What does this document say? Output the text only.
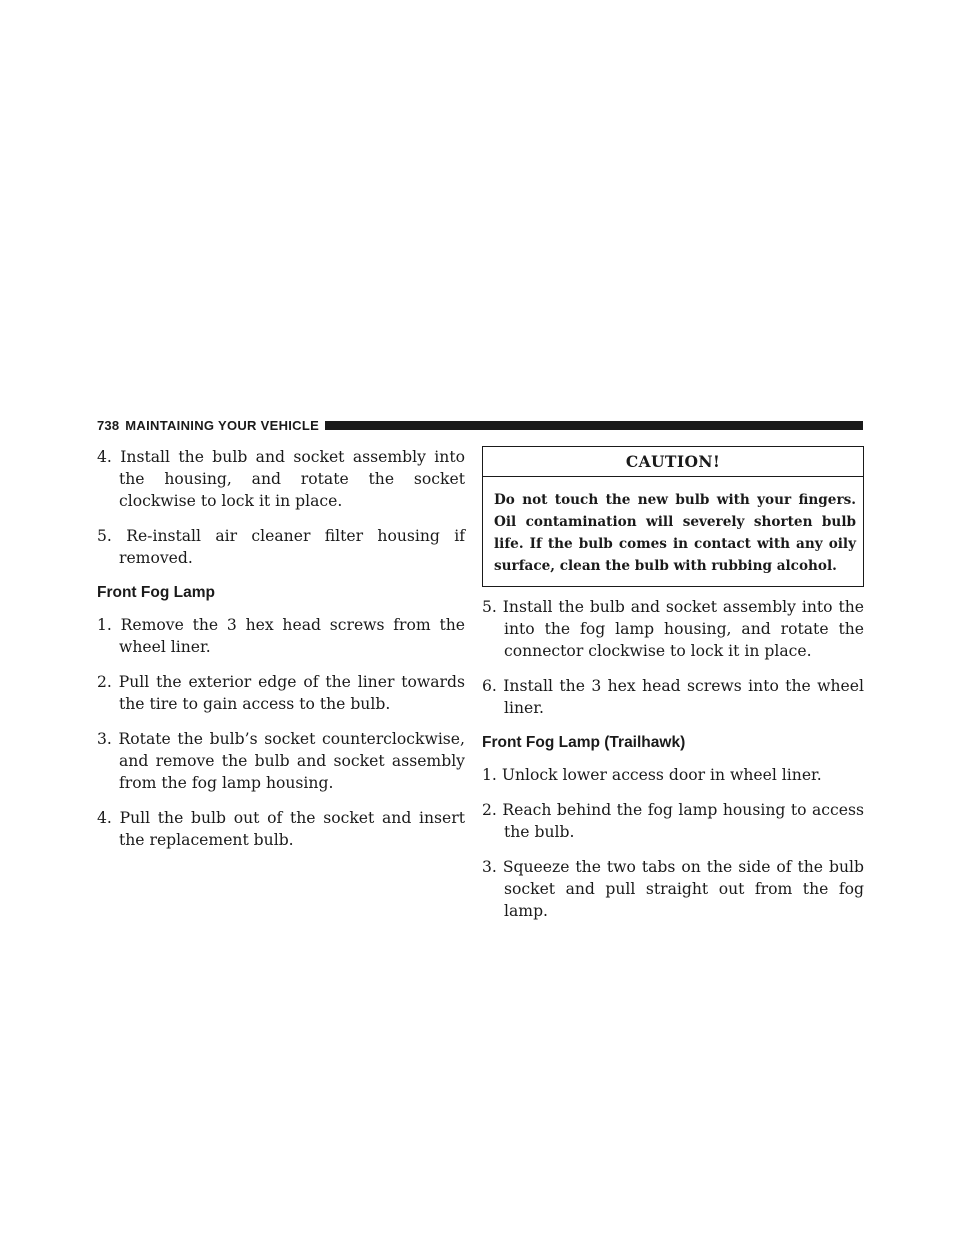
738 MAINTAINING YOUR VEHICLE

4. Install the bulb and socket assembly into the housing, and rotate the socket clockwise to lock it in place.

5. Re-install air cleaner filter housing if removed.

Front Fog Lamp

1. Remove the 3 hex head screws from the wheel liner.

2. Pull the exterior edge of the liner towards the tire to gain access to the bulb.

3. Rotate the bulb’s socket counterclockwise, and remove the bulb and socket assembly from the fog lamp housing.

4. Pull the bulb out of the socket and insert the replacement bulb.

CAUTION!
Do not touch the new bulb with your fingers. Oil contamination will severely shorten bulb life. If the bulb comes in contact with any oily surface, clean the bulb with rubbing alcohol.

5. Install the bulb and socket assembly into the into the fog lamp housing, and rotate the connector clockwise to lock it in place.

6. Install the 3 hex head screws into the wheel liner.

Front Fog Lamp (Trailhawk)

1. Unlock lower access door in wheel liner.

2. Reach behind the fog lamp housing to access the bulb.

3. Squeeze the two tabs on the side of the bulb socket and pull straight out from the fog lamp.
